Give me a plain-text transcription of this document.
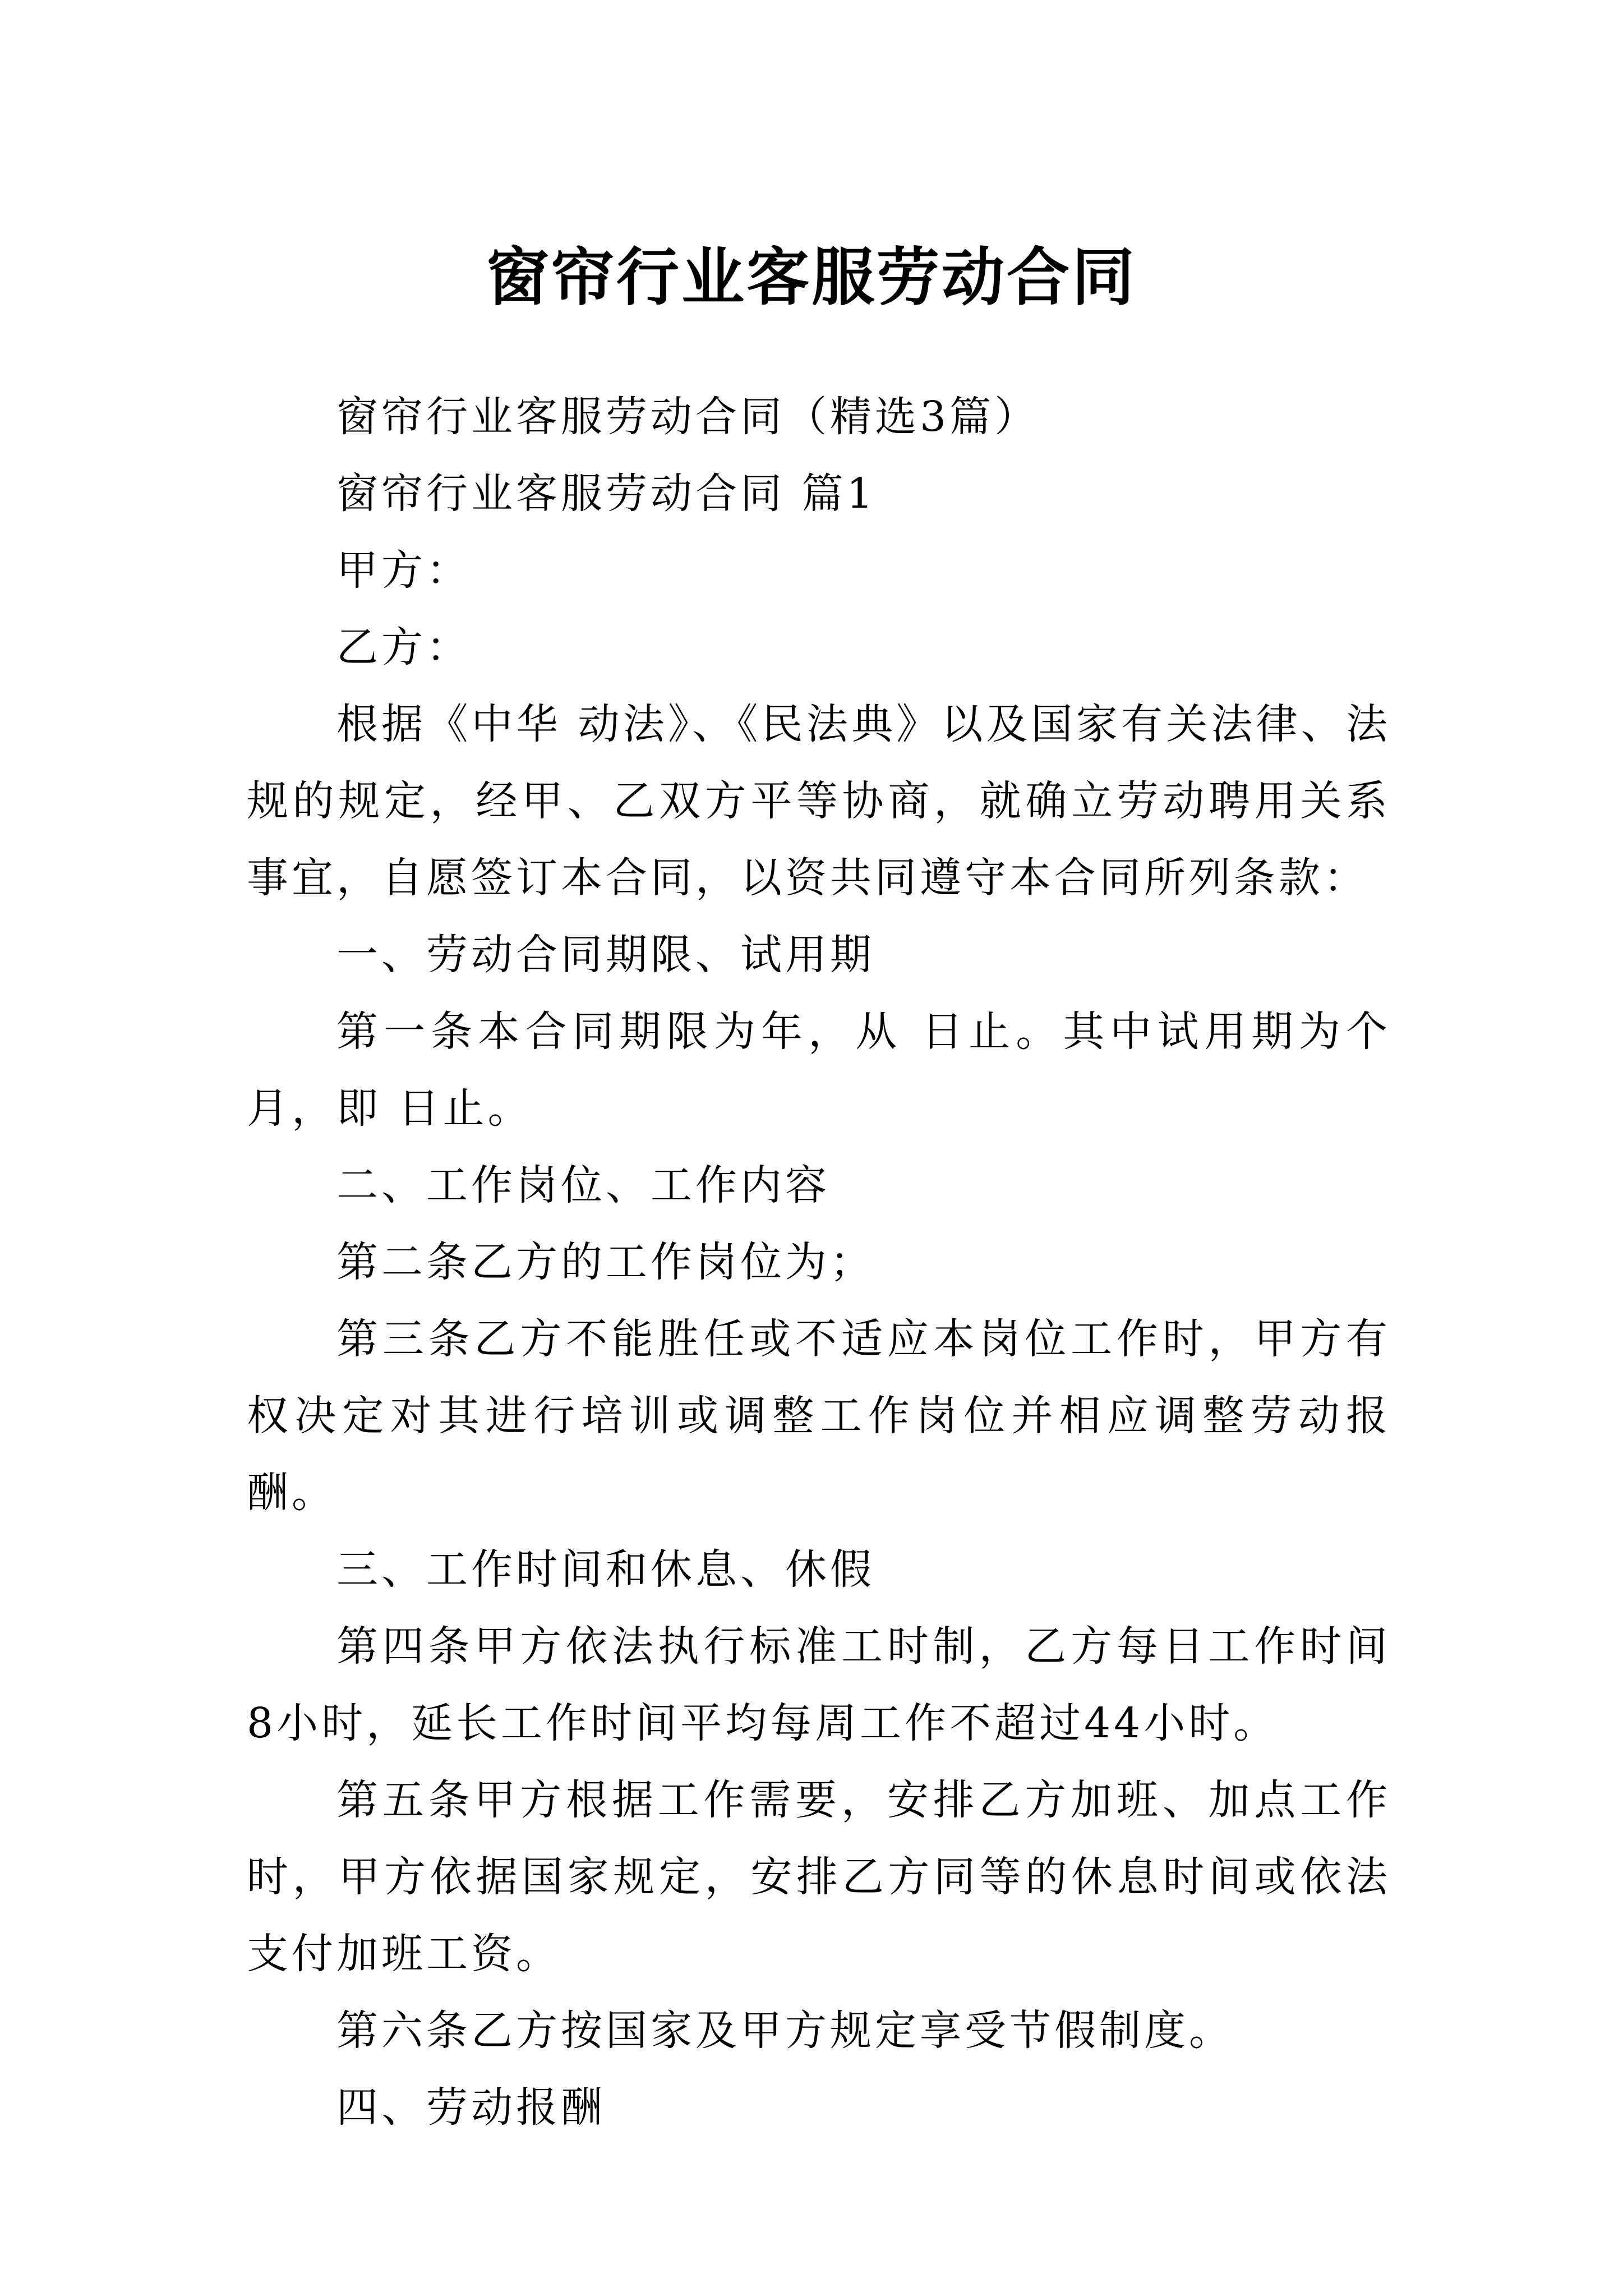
窗帘行业客服劳动合同

窗帘行业客服劳动合同（精选3篇）

窗帘行业客服劳动合同 篇1

甲方：

乙方：

根据《中华 动法》、《民法典》以及国家有关法律、法规的规定，经甲、乙双方平等协商，就确立劳动聘用关系事宜，自愿签订本合同，以资共同遵守本合同所列条款：

一、劳动合同期限、试用期

第一条本合同期限为年，从 日止。其中试用期为个月，即 日止。

二、工作岗位、工作内容

第二条乙方的工作岗位为；

第三条乙方不能胜任或不适应本岗位工作时，甲方有权决定对其进行培训或调整工作岗位并相应调整劳动报酬。

三、工作时间和休息、休假

第四条甲方依法执行标准工时制，乙方每日工作时间8小时，延长工作时间平均每周工作不超过44小时。

第五条甲方根据工作需要，安排乙方加班、加点工作时，甲方依据国家规定，安排乙方同等的休息时间或依法支付加班工资。

第六条乙方按国家及甲方规定享受节假制度。

四、劳动报酬
